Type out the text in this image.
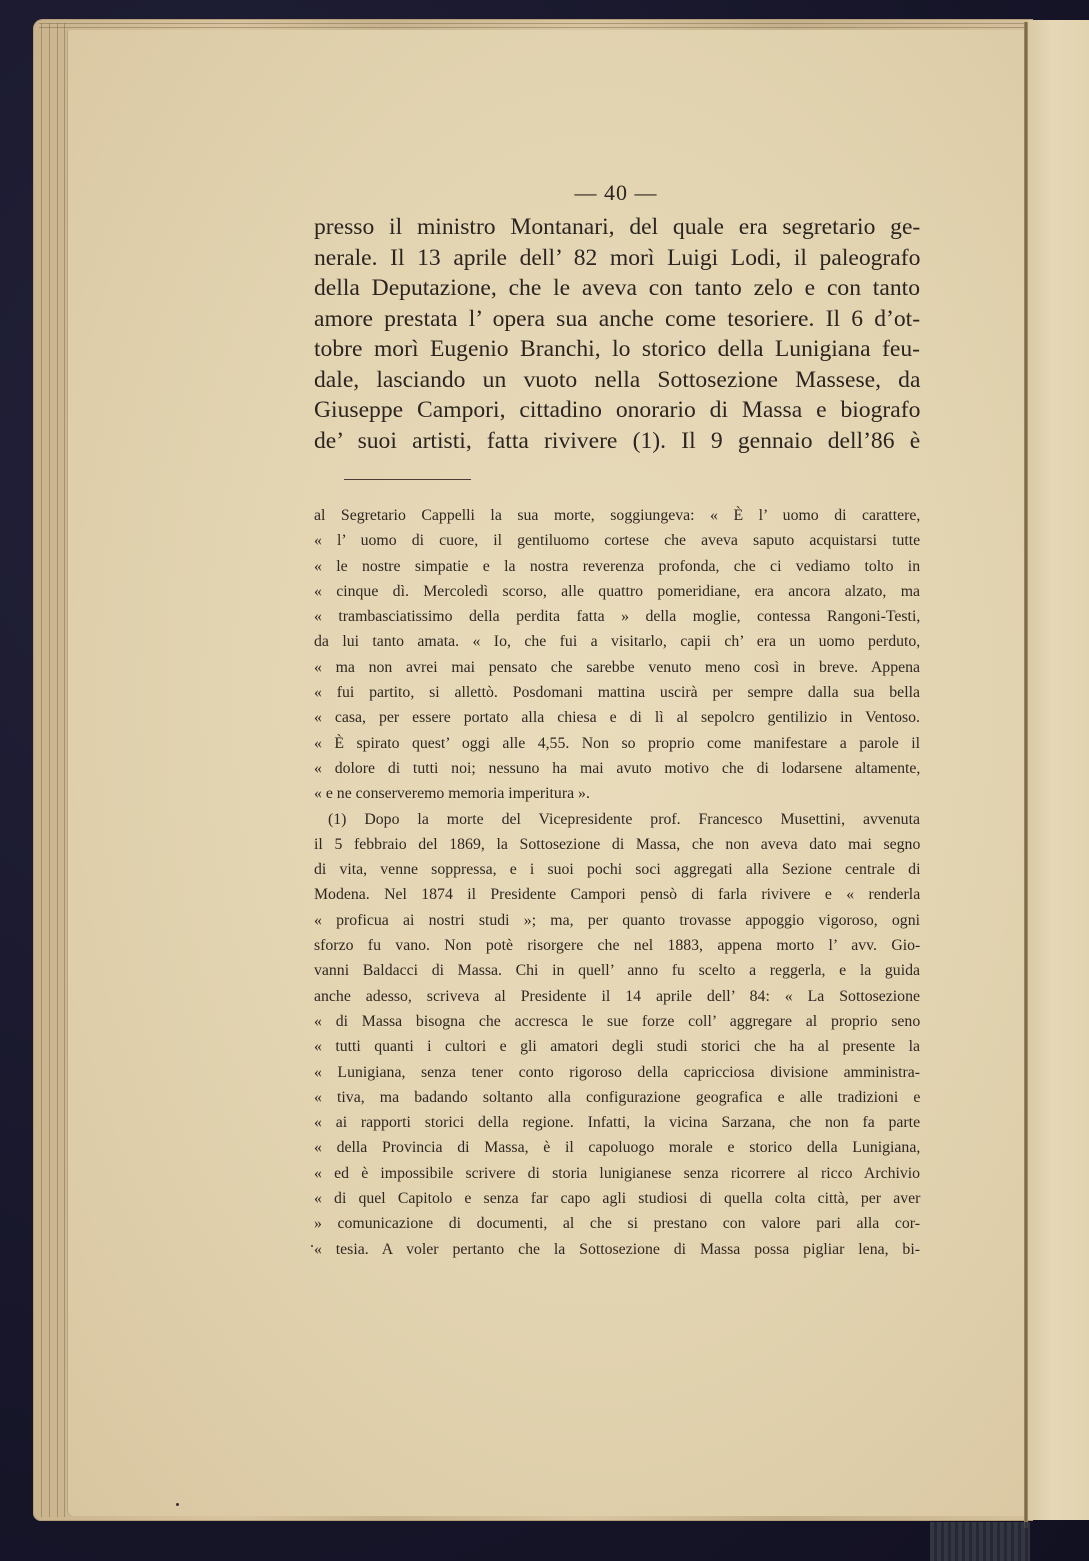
— 40 —
presso il ministro Montanari, del quale era segretario ge-
nerale. Il 13 aprile dell’ 82 morì Luigi Lodi, il paleografo
della Deputazione, che le aveva con tanto zelo e con tanto
amore prestata l’ opera sua anche come tesoriere. Il 6 d’ot-
tobre morì Eugenio Branchi, lo storico della Lunigiana feu-
dale, lasciando un vuoto nella Sottosezione Massese, da
Giuseppe Campori, cittadino onorario di Massa e biografo
de’ suoi artisti, fatta rivivere (1). Il 9 gennaio dell’86 è
al Segretario Cappelli la sua morte, soggiungeva: « È l’ uomo di carattere,
« l’ uomo di cuore, il gentiluomo cortese che aveva saputo acquistarsi tutte
« le nostre simpatie e la nostra reverenza profonda, che ci vediamo tolto in
« cinque dì. Mercoledì scorso, alle quattro pomeridiane, era ancora alzato, ma
« trambasciatissimo della perdita fatta » della moglie, contessa Rangoni-Testi,
da lui tanto amata. « Io, che fui a visitarlo, capii ch’ era un uomo perduto,
« ma non avrei mai pensato che sarebbe venuto meno così in breve. Appena
« fui partito, si allettò. Posdomani mattina uscirà per sempre dalla sua bella
« casa, per essere portato alla chiesa e di lì al sepolcro gentilizio in Ventoso.
« È spirato quest’ oggi alle 4,55. Non so proprio come manifestare a parole il
« dolore di tutti noi; nessuno ha mai avuto motivo che di lodarsene altamente,
« e ne conserveremo memoria imperitura ».
(1) Dopo la morte del Vicepresidente prof. Francesco Musettini, avvenuta
il 5 febbraio del 1869, la Sottosezione di Massa, che non aveva dato mai segno
di vita, venne soppressa, e i suoi pochi soci aggregati alla Sezione centrale di
Modena. Nel 1874 il Presidente Campori pensò di farla rivivere e « renderla
« proficua ai nostri studi »; ma, per quanto trovasse appoggio vigoroso, ogni
sforzo fu vano. Non potè risorgere che nel 1883, appena morto l’ avv. Gio-
vanni Baldacci di Massa. Chi in quell’ anno fu scelto a reggerla, e la guida
anche adesso, scriveva al Presidente il 14 aprile dell’ 84: « La Sottosezione
« di Massa bisogna che accresca le sue forze coll’ aggregare al proprio seno
« tutti quanti i cultori e gli amatori degli studi storici che ha al presente la
« Lunigiana, senza tener conto rigoroso della capricciosa divisione amministra-
« tiva, ma badando soltanto alla configurazione geografica e alle tradizioni e
« ai rapporti storici della regione. Infatti, la vicina Sarzana, che non fa parte
« della Provincia di Massa, è il capoluogo morale e storico della Lunigiana,
« ed è impossibile scrivere di storia lunigianese senza ricorrere al ricco Archivio
« di quel Capitolo e senza far capo agli studiosi di quella colta città, per aver
» comunicazione di documenti, al che si prestano con valore pari alla cor-
« tesia. A voler pertanto che la Sottosezione di Massa possa pigliar lena, bi-
